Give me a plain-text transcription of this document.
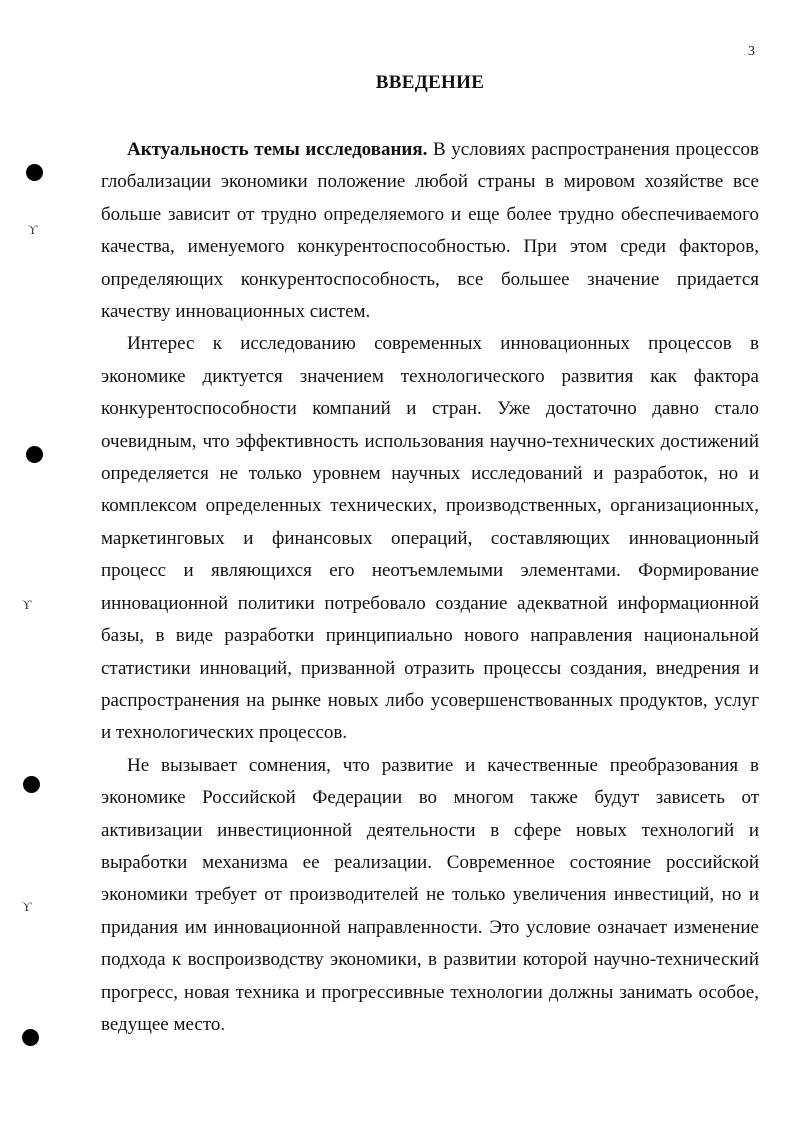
3
ВВЕДЕНИЕ
ϒ
ϒ
ϒ

Актуальность темы исследования. В условиях распространения процессов глобализации экономики положение любой страны в мировом хозяйстве все больше зависит от трудно определяемого и еще более трудно обеспечиваемого качества, именуемого конкурентоспособностью. При этом среди факторов, определяющих конкурентоспособность, все большее значение придается качеству инновационных систем.

Интерес к исследованию современных инновационных процессов в экономике диктуется значением технологического развития как фактора конкурентоспособности компаний и стран. Уже достаточно давно стало очевидным, что эффективность использования научно-технических достижений определяется не только уровнем научных исследований и разработок, но и комплексом определенных технических, производственных, организационных, маркетинговых и финансовых операций, составляющих инновационный процесс и являющихся его неотъемлемыми элементами. Формирование инновационной политики потребовало создание адекватной информационной базы, в виде разработки принципиально нового направления национальной статистики инноваций, призванной отразить процессы создания, внедрения и распространения на рынке новых либо усовершенствованных продуктов, услуг и технологических процессов.

Не вызывает сомнения, что развитие и качественные преобразования в экономике Российской Федерации во многом также будут зависеть от активизации инвестиционной деятельности в сфере новых технологий и выработки механизма ее реализации. Современное состояние российской экономики требует от производителей не только увеличения инвестиций, но и придания им инновационной направленности. Это условие означает изменение подхода к воспроизводству экономики, в развитии которой научно-технический прогресс, новая техника и прогрессивные технологии должны занимать особое, ведущее место.
